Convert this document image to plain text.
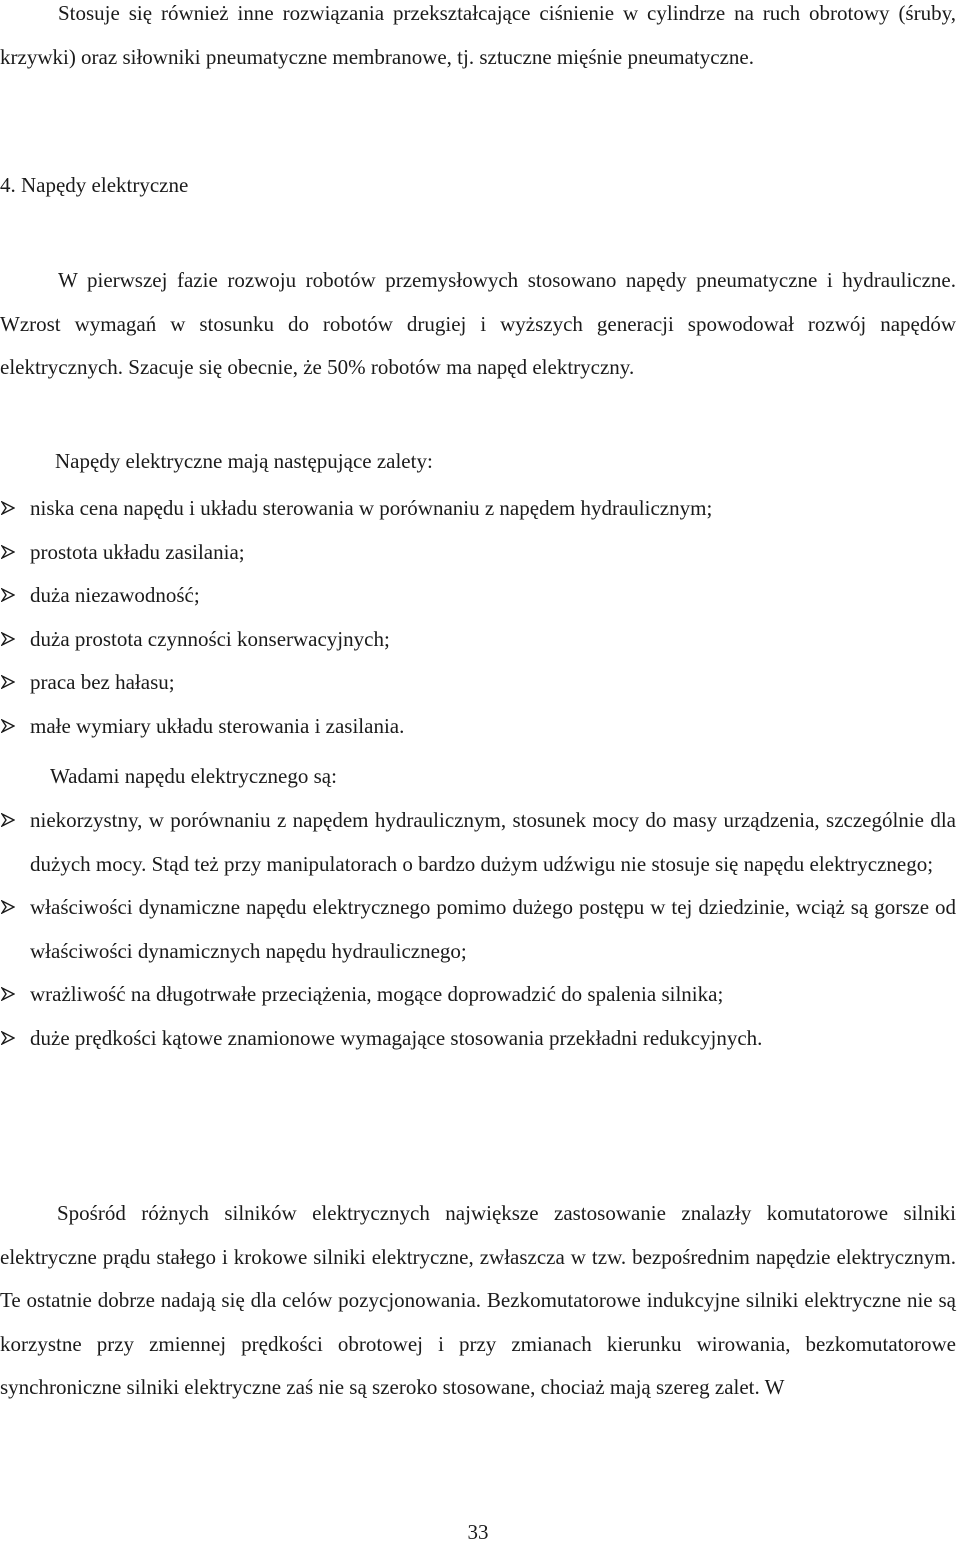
Stosuje się również inne rozwiązania przekształcające ciśnienie w cylindrze na ruch obrotowy (śruby, krzywki) oraz siłowniki pneumatyczne membranowe, tj. sztuczne mięśnie pneumatyczne.

4. Napędy elektryczne

W pierwszej fazie rozwoju robotów przemysłowych stosowano napędy pneumatyczne i hydrauliczne. Wzrost wymagań w stosunku do robotów drugiej i wyższych generacji spowodował rozwój napędów elektrycznych. Szacuje się obecnie, że 50% robotów ma napęd elektryczny.

Napędy elektryczne mają następujące zalety:

niska cena napędu i układu sterowania w porównaniu z napędem hydraulicznym;
prostota układu zasilania;
duża niezawodność;
duża prostota czynności konserwacyjnych;
praca bez hałasu;
małe wymiary układu sterowania i zasilania.

Wadami napędu elektrycznego są:

niekorzystny, w porównaniu z napędem hydraulicznym, stosunek mocy do masy urządzenia, szczególnie dla dużych mocy. Stąd też przy manipulatorach o bardzo dużym udźwigu nie stosuje się napędu elektrycznego;
właściwości dynamiczne napędu elektrycznego pomimo dużego postępu w tej dziedzinie, wciąż są gorsze od właściwości dynamicznych napędu hydraulicznego;
wrażliwość na długotrwałe przeciążenia, mogące doprowadzić do spalenia silnika;
duże prędkości kątowe znamionowe wymagające stosowania przekładni redukcyjnych.

Spośród różnych silników elektrycznych największe zastosowanie znalazły komutatorowe silniki elektryczne prądu stałego i krokowe silniki elektryczne, zwłaszcza w tzw. bezpośrednim napędzie elektrycznym. Te ostatnie dobrze nadają się dla celów pozycjonowania. Bezkomutatorowe indukcyjne silniki elektryczne nie są korzystne przy zmiennej prędkości obrotowej i przy zmianach kierunku wirowania, bezkomutatorowe synchroniczne silniki elektryczne zaś nie są szeroko stosowane, chociaż mają szereg zalet. W

33
